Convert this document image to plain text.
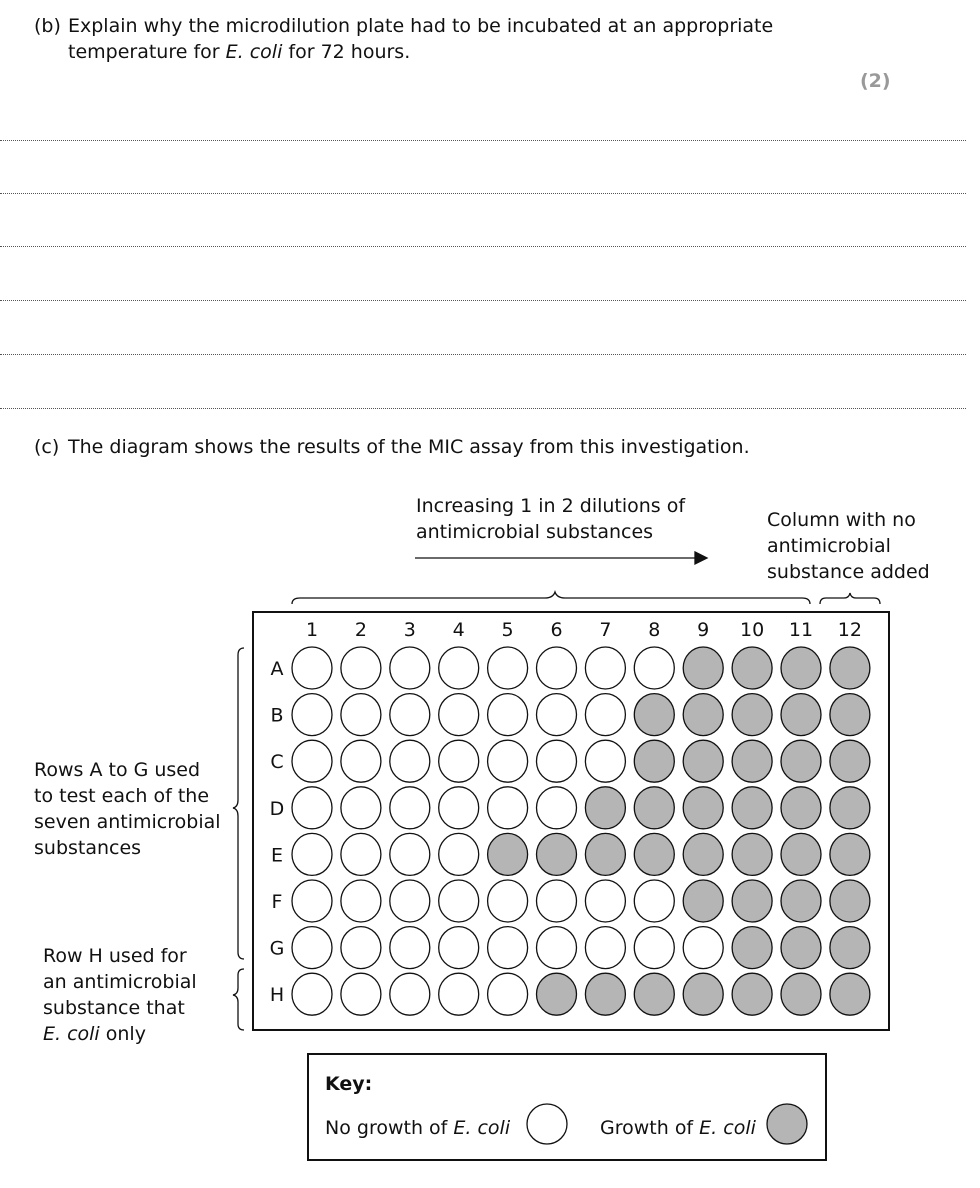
(b) Explain why the microdilution plate had to be incubated at an appropriate
temperature for E. coli for 72 hours.
(2)
(c) The diagram shows the results of the MIC assay from this investigation.
Increasing 1 in 2 dilutions of
antimicrobial substances
Column with no
antimicrobial
substance added
Rows A to G used
to test each of the
seven antimicrobial
substances
Row H used for
an antimicrobial
substance that
E. coli only
1 2 3 4 5 6 7 8 9 10 11 12
A
B
C
D
E
F
G
H
Key:
No growth of E. coli	Growth of E. coli
